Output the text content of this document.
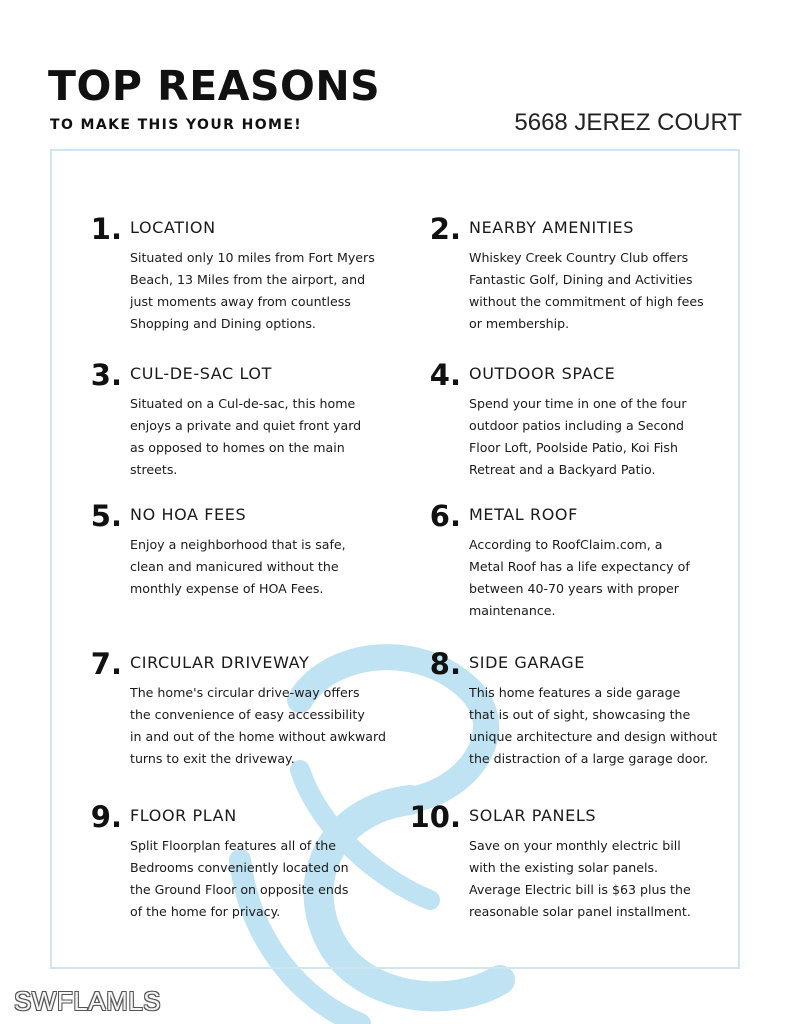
TOP REASONS
TO MAKE THIS YOUR HOME!	5668 JEREZ COURT
1. LOCATION
Situated only 10 miles from Fort Myers
Beach, 13 Miles from the airport, and
just moments away from countless
Shopping and Dining options.
2. NEARBY AMENITIES
Whiskey Creek Country Club offers
Fantastic Golf, Dining and Activities
without the commitment of high fees
or membership.
3. CUL-DE-SAC LOT
Situated on a Cul-de-sac, this home
enjoys a private and quiet front yard
as opposed to homes on the main
streets.
4. OUTDOOR SPACE
Spend your time in one of the four
outdoor patios including a Second
Floor Loft, Poolside Patio, Koi Fish
Retreat and a Backyard Patio.
5. NO HOA FEES
Enjoy a neighborhood that is safe,
clean and manicured without the
monthly expense of HOA Fees.
6. METAL ROOF
According to RoofClaim.com, a
Metal Roof has a life expectancy of
between 40-70 years with proper
maintenance.
7. CIRCULAR DRIVEWAY
The home's circular drive-way offers
the convenience of easy accessibility
in and out of the home without awkward
turns to exit the driveway.
8. SIDE GARAGE
This home features a side garage
that is out of sight, showcasing the
unique architecture and design without
the distraction of a large garage door.
9. FLOOR PLAN
Split Floorplan features all of the
Bedrooms conveniently located on
the Ground Floor on opposite ends
of the home for privacy.
10. SOLAR PANELS
Save on your monthly electric bill
with the existing solar panels.
Average Electric bill is $63 plus the
reasonable solar panel installment.
SWFLAMLS
